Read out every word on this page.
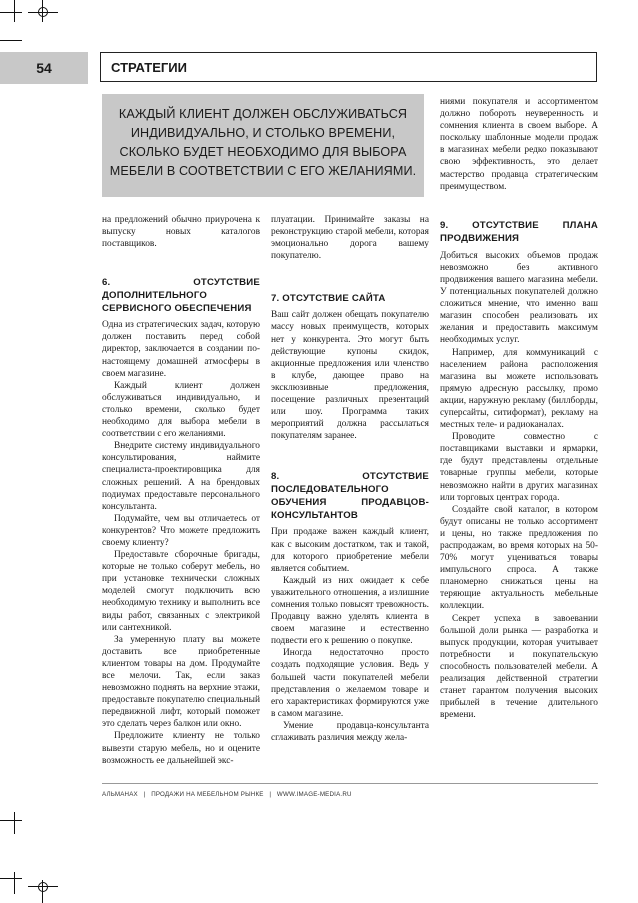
54	СТРАТЕГИИ
КАЖДЫЙ КЛИЕНТ ДОЛЖЕН ОБСЛУЖИВАТЬСЯ ИНДИВИДУАЛЬНО, И СТОЛЬКО ВРЕМЕНИ, СКОЛЬКО БУДЕТ НЕОБХОДИМО ДЛЯ ВЫБОРА МЕБЕЛИ В СООТВЕТСТВИИ С ЕГО ЖЕЛАНИЯМИ.

на предложений обычно приурочена к выпуску новых каталогов поставщиков.

6. ОТСУТСТВИЕ ДОПОЛНИТЕЛЬНОГО СЕРВИСНОГО ОБЕСПЕЧЕНИЯ

Одна из стратегических задач, которую должен поставить перед собой директор, заключается в создании по-настоящему домашней атмосферы в своем магазине.

Каждый клиент должен обслуживаться индивидуально, и столько времени, сколько будет необходимо для выбора мебели в соответствии с его желаниями.

Внедрите систему индивидуального консультирования, наймите специалиста-проектировщика для сложных решений. А на брендовых подиумах предоставьте персонального консультанта.

Подумайте, чем вы отличаетесь от конкурентов? Что можете предложить своему клиенту?

Предоставьте сборочные бригады, которые не только соберут мебель, но при установке технически сложных моделей смогут подключить всю необходимую технику и выполнить все виды работ, связанных с электрикой или сантехникой.

За умеренную плату вы можете доставить все приобретенные клиентом товары на дом. Продумайте все мелочи. Так, если заказ невозможно поднять на верхние этажи, предоставьте покупателю специальный передвижной лифт, который поможет это сделать через балкон или окно.

Предложите клиенту не только вывезти старую мебель, но и оцените возможность ее дальнейшей экс-

плуатации. Принимайте заказы на реконструкцию старой мебели, которая эмоционально дорога вашему покупателю.

7. ОТСУТСТВИЕ САЙТА

Ваш сайт должен обещать покупателю массу новых преимуществ, которых нет у конкурента. Это могут быть действующие купоны скидок, акционные предложения или членство в клубе, дающее право на эксклюзивные предложения, посещение различных презентаций или шоу. Программа таких мероприятий должна рассылаться покупателям заранее.

8. ОТСУТСТВИЕ ПОСЛЕДОВАТЕЛЬНОГО ОБУЧЕНИЯ ПРОДАВЦОВ-КОНСУЛЬТАНТОВ

При продаже важен каждый клиент, как с высоким достатком, так и такой, для которого приобретение мебели является событием.

Каждый из них ожидает к себе уважительного отношения, а излишние сомнения только повысят тревожность. Продавцу важно уделять клиента в своем магазине и естественно подвести его к решению о покупке.

Иногда недостаточно просто создать подходящие условия. Ведь у большей части покупателей мебели представления о желаемом товаре и его характеристиках формируются уже в самом магазине.

Умение продавца-консультанта сглаживать различия между жела-

ниями покупателя и ассортиментом должно побороть неуверенность и сомнения клиента в своем выборе. А поскольку шаблонные модели продаж в магазинах мебели редко показывают свою эффективность, это делает мастерство продавца стратегическим преимуществом.

9. ОТСУТСТВИЕ ПЛАНА ПРОДВИЖЕНИЯ

Добиться высоких объемов продаж невозможно без активного продвижения вашего магазина мебели. У потенциальных покупателей должно сложиться мнение, что именно ваш магазин способен реализовать их желания и предоставить максимум необходимых услуг.

Например, для коммуникаций с населением района расположения магазина вы можете использовать прямую адресную рассылку, промо акции, наружную рекламу (биллборды, суперсайты, ситиформат), рекламу на местных теле- и радиоканалах.

Проводите совместно с поставщиками выставки и ярмарки, где будут представлены отдельные товарные группы мебели, которые невозможно найти в других магазинах или торговых центрах города.

Создайте свой каталог, в котором будут описаны не только ассортимент и цены, но также предложения по распродажам, во время которых на 50-70% могут уцениваться товары импульсного спроса. А также планомерно снижаться цены на теряющие актуальность мебельные коллекции.

Секрет успеха в завоевании большой доли рынка — разработка и выпуск продукции, которая учитывает потребности и покупательскую способность пользователей мебели. А реализация действенной стратегии станет гарантом получения высоких прибылей в течение длительного времени.

АЛЬМАНАХ | ПРОДАЖИ НА МЕБЕЛЬНОМ РЫНКЕ | WWW.IMAGE-MEDIA.RU
